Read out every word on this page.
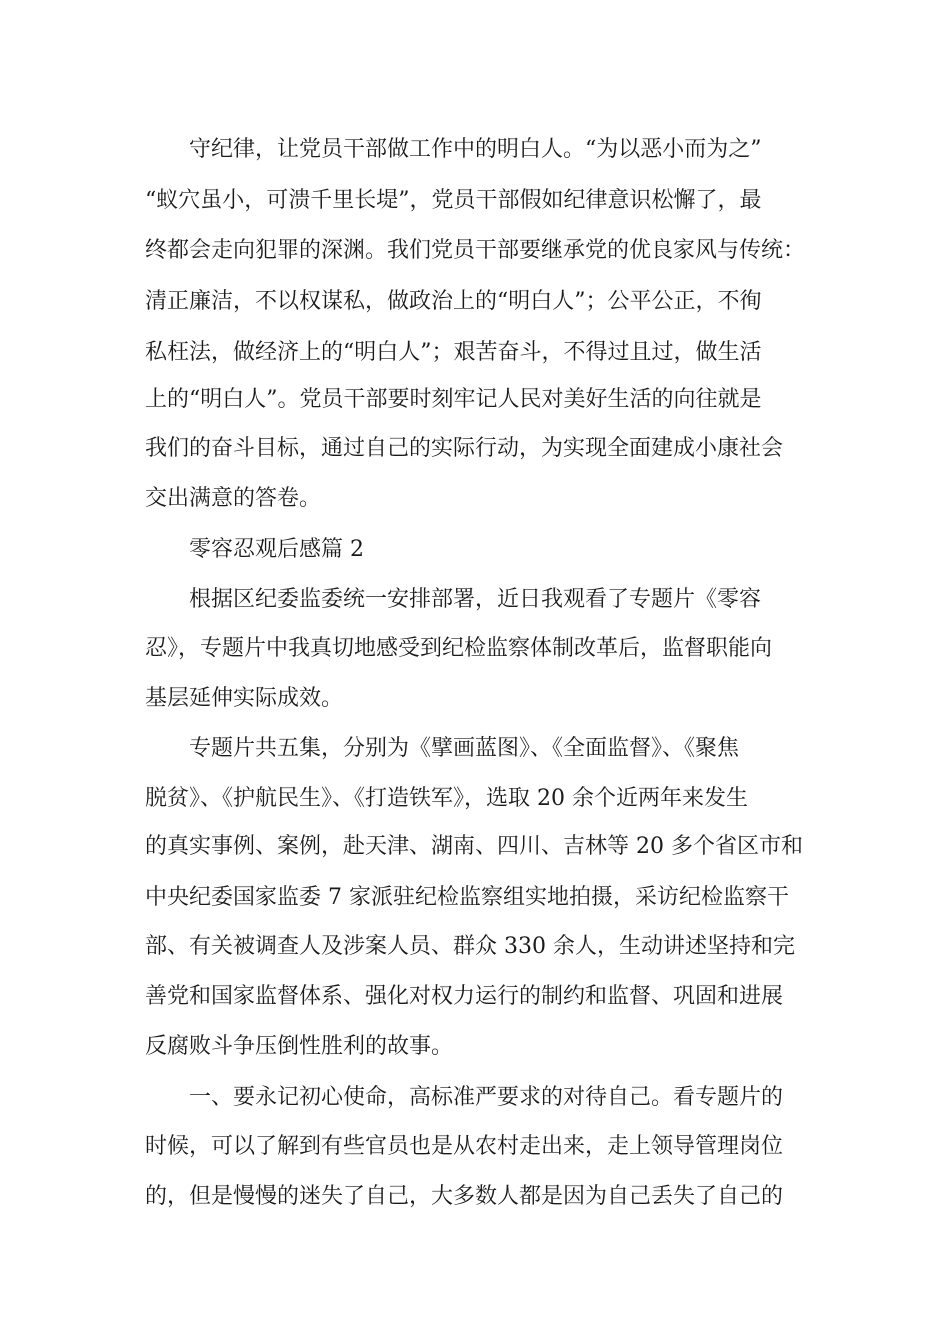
　　守纪律，让党员干部做工作中的明白人。“为以恶小而为之”
“蚁穴虽小，可溃千里长堤”，党员干部假如纪律意识松懈了，最
终都会走向犯罪的深渊。我们党员干部要继承党的优良家风与传统：
清正廉洁，不以权谋私，做政治上的“明白人”；公平公正，不徇
私枉法，做经济上的“明白人”；艰苦奋斗，不得过且过，做生活
上的“明白人”。党员干部要时刻牢记人民对美好生活的向往就是
我们的奋斗目标，通过自己的实际行动，为实现全面建成小康社会
交出满意的答卷。
　　零容忍观后感篇 2
　　根据区纪委监委统一安排部署，近日我观看了专题片《零容
忍》，专题片中我真切地感受到纪检监察体制改革后，监督职能向
基层延伸实际成效。
　　专题片共五集，分别为《擘画蓝图》、《全面监督》、《聚焦
脱贫》、《护航民生》、《打造铁军》，选取 20 余个近两年来发生
的真实事例、案例，赴天津、湖南、四川、吉林等 20 多个省区市和
中央纪委国家监委 7 家派驻纪检监察组实地拍摄，采访纪检监察干
部、有关被调查人及涉案人员、群众 330 余人，生动讲述坚持和完
善党和国家监督体系、强化对权力运行的制约和监督、巩固和进展
反腐败斗争压倒性胜利的故事。
　　一、要永记初心使命，高标准严要求的对待自己。看专题片的
时候，可以了解到有些官员也是从农村走出来，走上领导管理岗位
的，但是慢慢的迷失了自己，大多数人都是因为自己丢失了自己的
